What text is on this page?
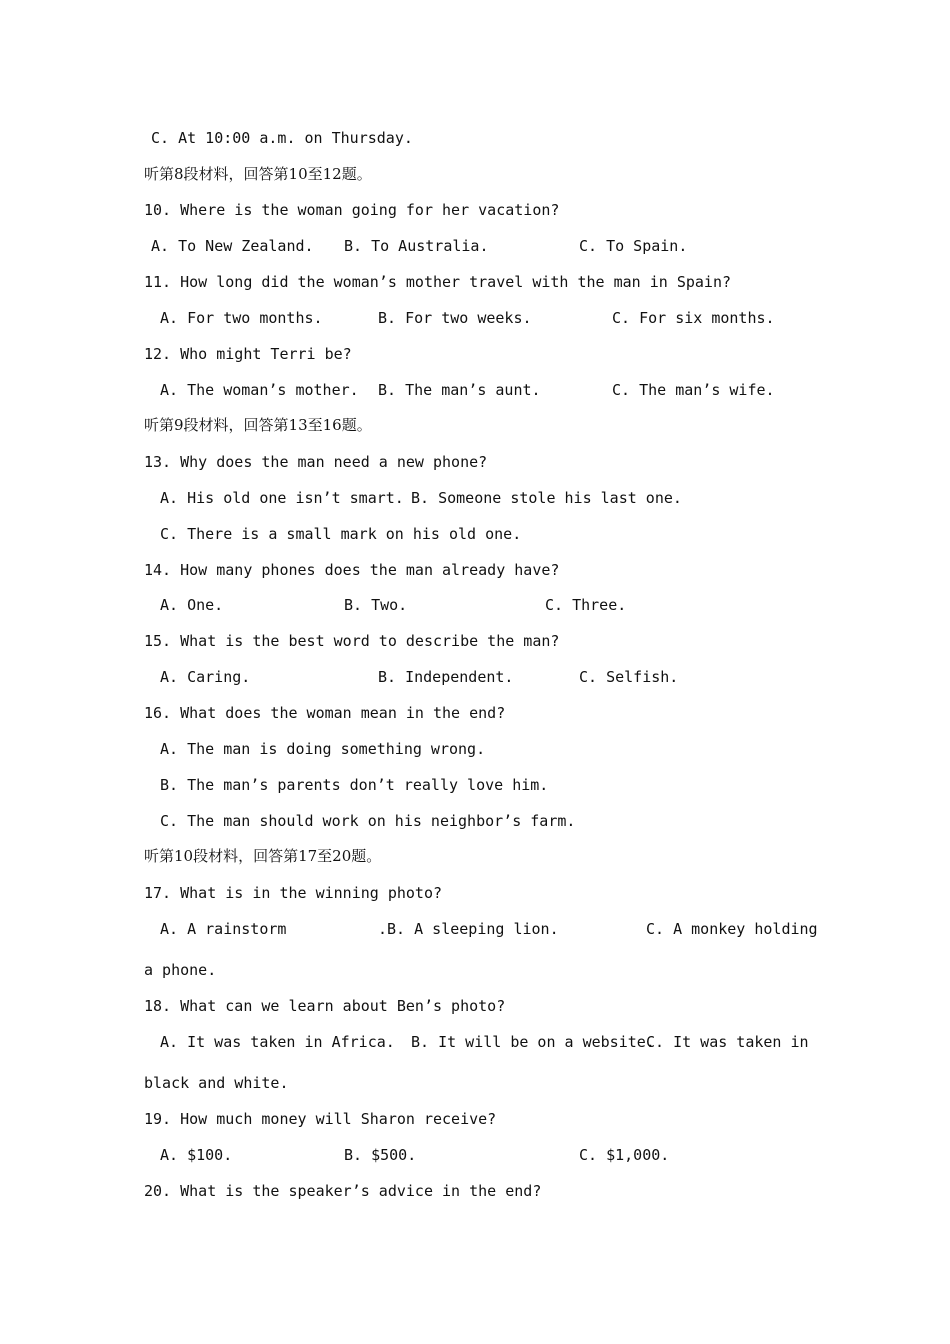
C. At 10:00 a.m. on Thursday.
听第8段材料，回答第10至12题。
10. Where is the woman going for her vacation?
A. To New Zealand. B. To Australia.	C. To Spain.
11. How long did the woman’s mother travel with the man in Spain?
A. For two months.	B. For two weeks.	C. For six months.
12. Who might Terri be?
A. The woman’s mother. B. The man’s aunt.	C. The man’s wife.
听第9段材料，回答第13至16题。
13. Why does the man need a new phone?
A. His old one isn’t smart. B. Someone stole his last one.
C. There is a small mark on his old one.
14. How many phones does the man already have?
A. One.	B. Two.	C. Three.
15. What is the best word to describe the man?
A. Caring.	B. Independent.	C. Selfish.
16. What does the woman mean in the end?
A. The man is doing something wrong.
B. The man’s parents don’t really love him.
C. The man should work on his neighbor’s farm.
听第10段材料，回答第17至20题。
17. What is in the winning photo?
A. A rainstorm	.B. A sleeping lion.	C. A monkey holding
a phone.
18. What can we learn about Ben’s photo?
A. It was taken in Africa. B. It will be on a website.
C. It was taken in
black and white.
19. How much money will Sharon receive?
A. $100.	B. $500.	C. $1,000.
20. What is the speaker’s advice in the end?
